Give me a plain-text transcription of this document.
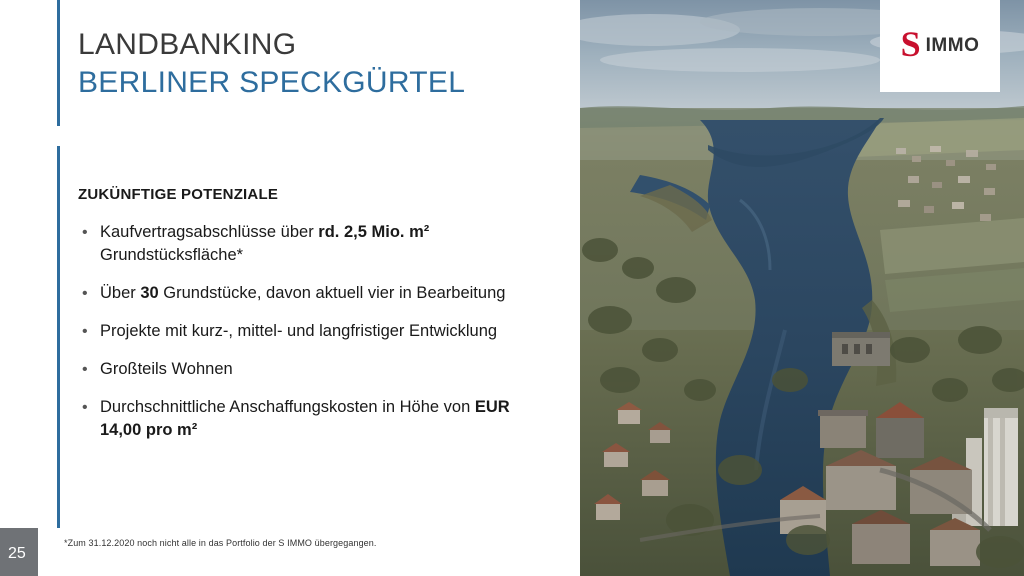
LANDBANKING
BERLINER SPECKGÜRTEL
ZUKÜNFTIGE POTENZIALE
• Kaufvertragsabschlüsse über rd. 2,5 Mio. m² Grundstücksfläche*
• Über 30 Grundstücke, davon aktuell vier in Bearbeitung
• Projekte mit kurz-, mittel- und langfristiger Entwicklung
• Großteils Wohnen
• Durchschnittliche Anschaffungskosten in Höhe von EUR 14,00 pro m²
*Zum 31.12.2020 noch nicht alle in das Portfolio der S IMMO übergegangen.
25
S IMMO
